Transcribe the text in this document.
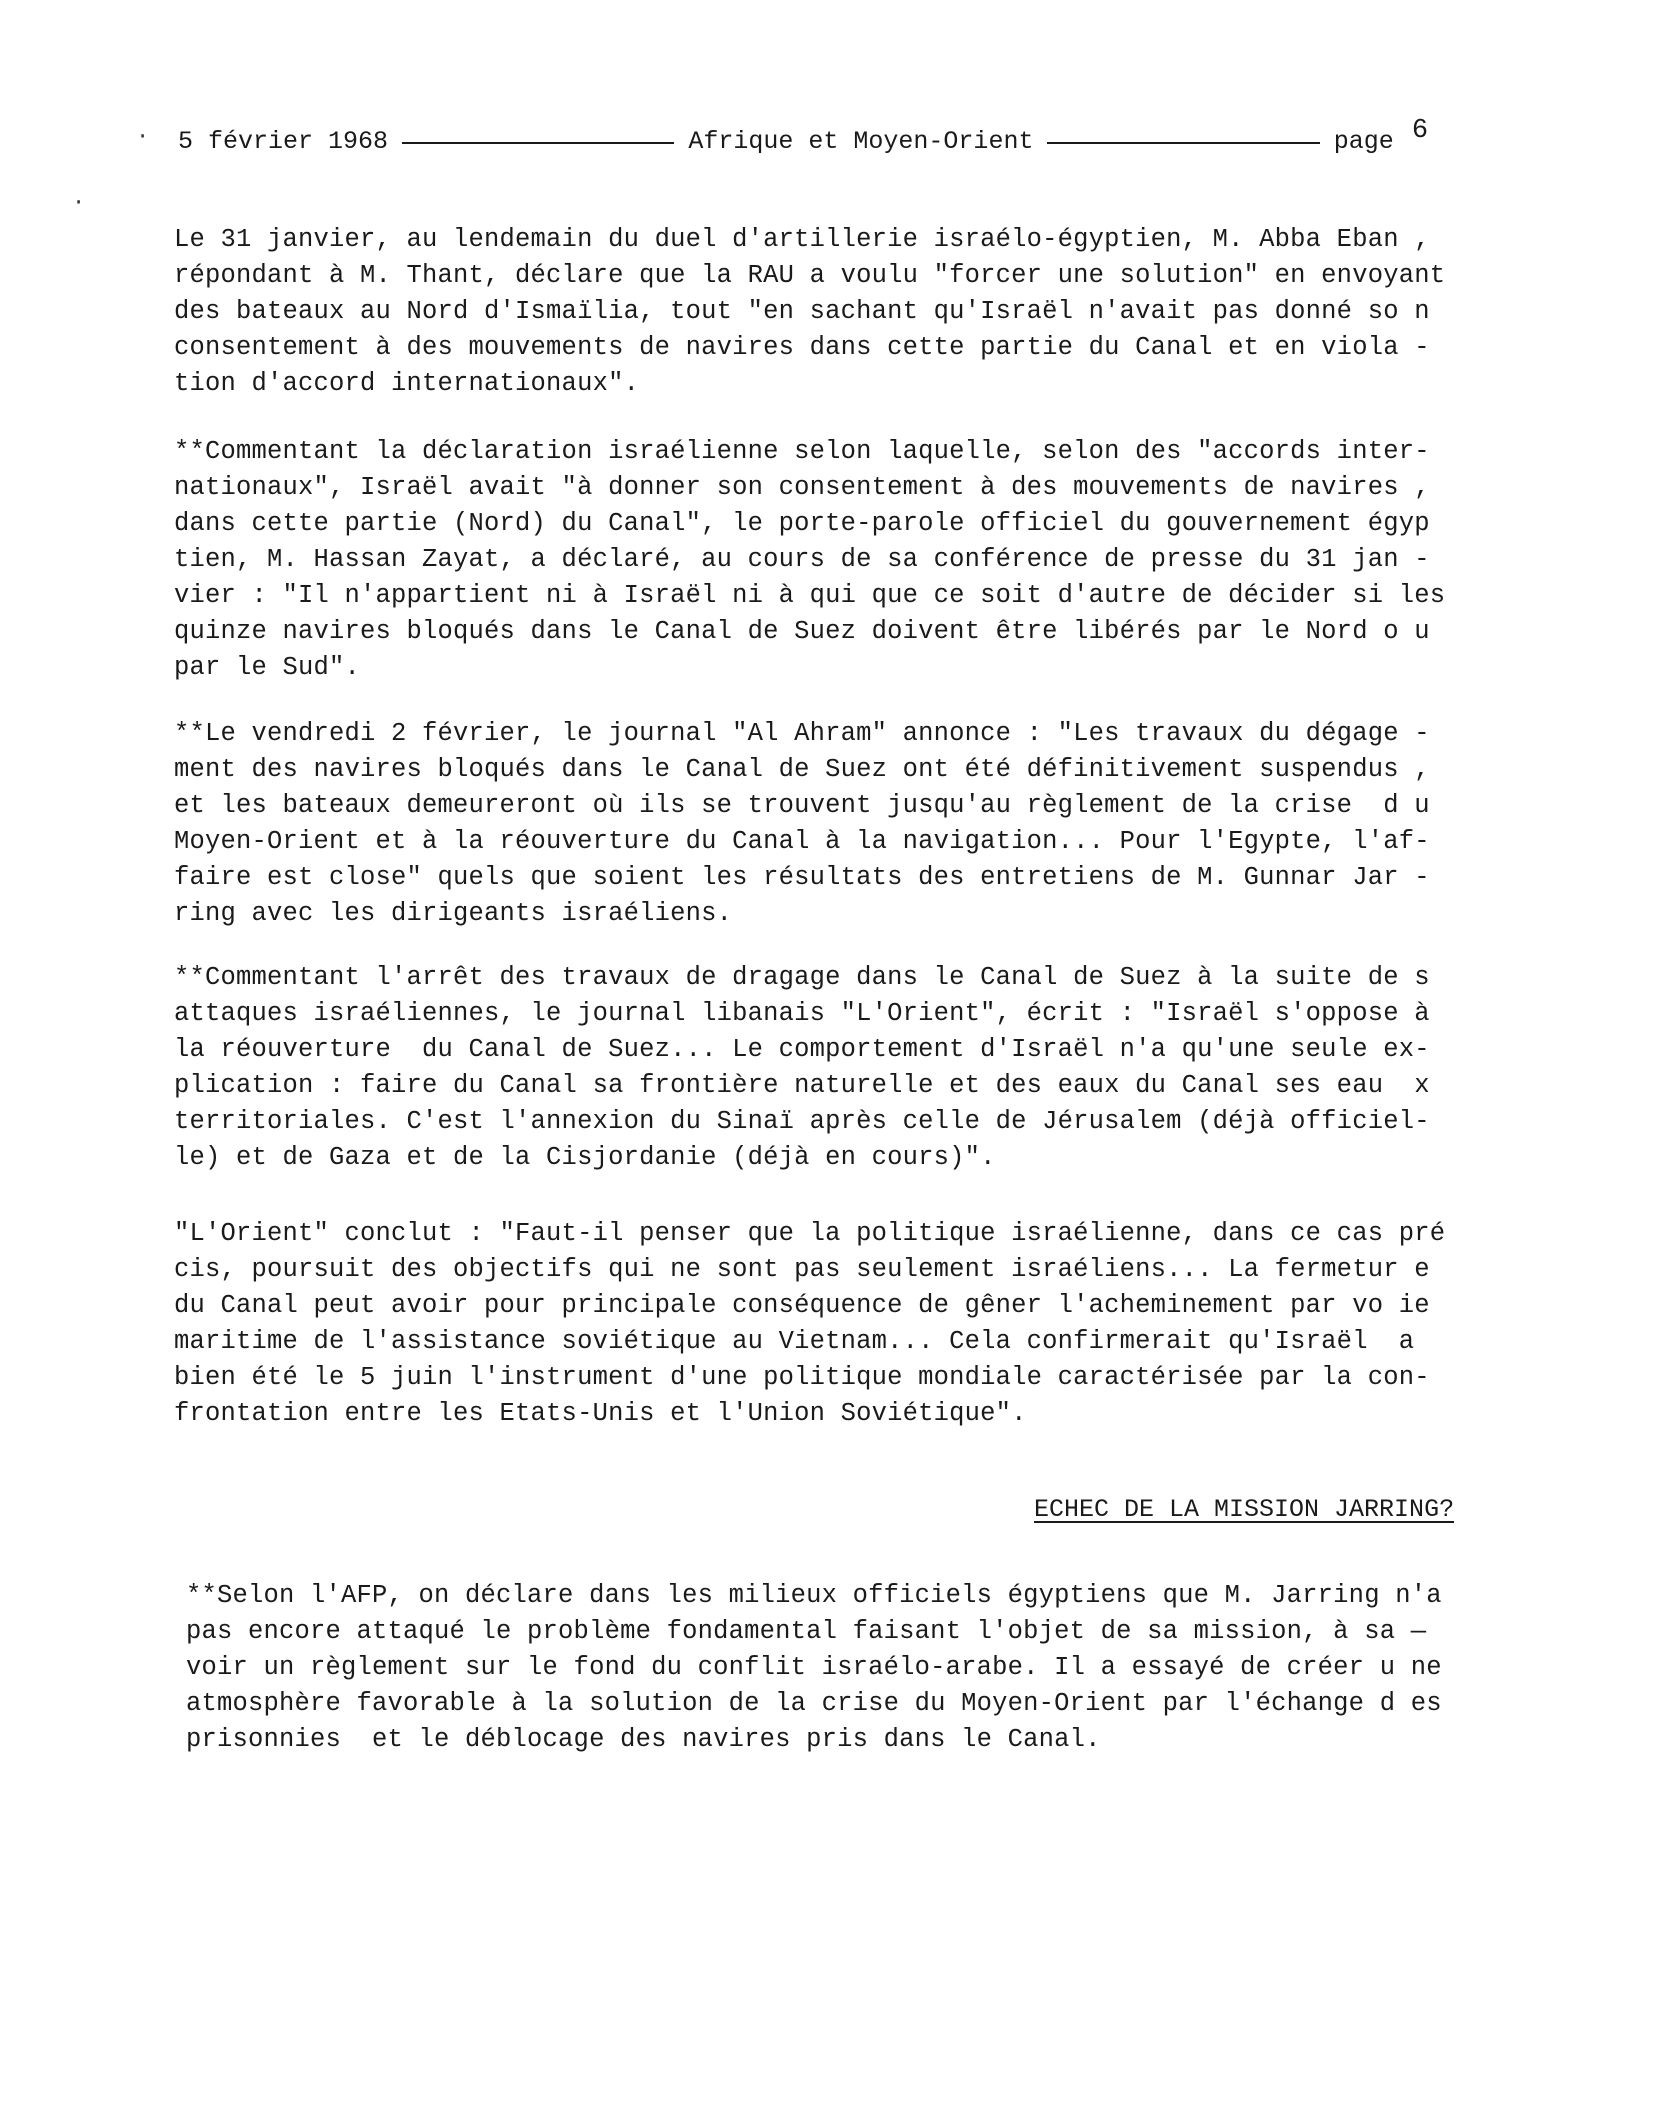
·
·
5 février 1968	Afrique et Moyen-Orient	page 6

Le 31 janvier, au lendemain du duel d'artillerie israélo-égyptien, M. Abba Eban ,
répondant à M. Thant, déclare que la RAU a voulu "forcer une solution" en envoyant
des bateaux au Nord d'Ismaïlia, tout "en sachant qu'Israël n'avait pas donné so n
consentement à des mouvements de navires dans cette partie du Canal et en viola -
tion d'accord internationaux".

**Commentant la déclaration israélienne selon laquelle, selon des "accords inter-
nationaux", Israël avait "à donner son consentement à des mouvements de navires ,
dans cette partie (Nord) du Canal", le porte-parole officiel du gouvernement égyp
tien, M. Hassan Zayat, a déclaré, au cours de sa conférence de presse du 31 jan -
vier : "Il n'appartient ni à Israël ni à qui que ce soit d'autre de décider si les
quinze navires bloqués dans le Canal de Suez doivent être libérés par le Nord o u
par le Sud".

**Le vendredi 2 février, le journal "Al Ahram" annonce : "Les travaux du dégage -
ment des navires bloqués dans le Canal de Suez ont été définitivement suspendus ,
et les bateaux demeureront où ils se trouvent jusqu'au règlement de la crise  d u
Moyen-Orient et à la réouverture du Canal à la navigation... Pour l'Egypte, l'af-
faire est close" quels que soient les résultats des entretiens de M. Gunnar Jar -
ring avec les dirigeants israéliens.

**Commentant l'arrêt des travaux de dragage dans le Canal de Suez à la suite de s
attaques israéliennes, le journal libanais "L'Orient", écrit : "Israël s'oppose à
la réouverture  du Canal de Suez... Le comportement d'Israël n'a qu'une seule ex-
plication : faire du Canal sa frontière naturelle et des eaux du Canal ses eau  x
territoriales. C'est l'annexion du Sinaï après celle de Jérusalem (déjà officiel-
le) et de Gaza et de la Cisjordanie (déjà en cours)".

"L'Orient" conclut : "Faut-il penser que la politique israélienne, dans ce cas pré
cis, poursuit des objectifs qui ne sont pas seulement israéliens... La fermetur e
du Canal peut avoir pour principale conséquence de gêner l'acheminement par vo ie
maritime de l'assistance soviétique au Vietnam... Cela confirmerait qu'Israël  a
bien été le 5 juin l'instrument d'une politique mondiale caractérisée par la con-
frontation entre les Etats-Unis et l'Union Soviétique".

ECHEC DE LA MISSION JARRING?

**Selon l'AFP, on déclare dans les milieux officiels égyptiens que M. Jarring n'a
pas encore attaqué le problème fondamental faisant l'objet de sa mission, à sa —
voir un règlement sur le fond du conflit israélo-arabe. Il a essayé de créer u ne
atmosphère favorable à la solution de la crise du Moyen-Orient par l'échange d es
prisonnies  et le déblocage des navires pris dans le Canal.
